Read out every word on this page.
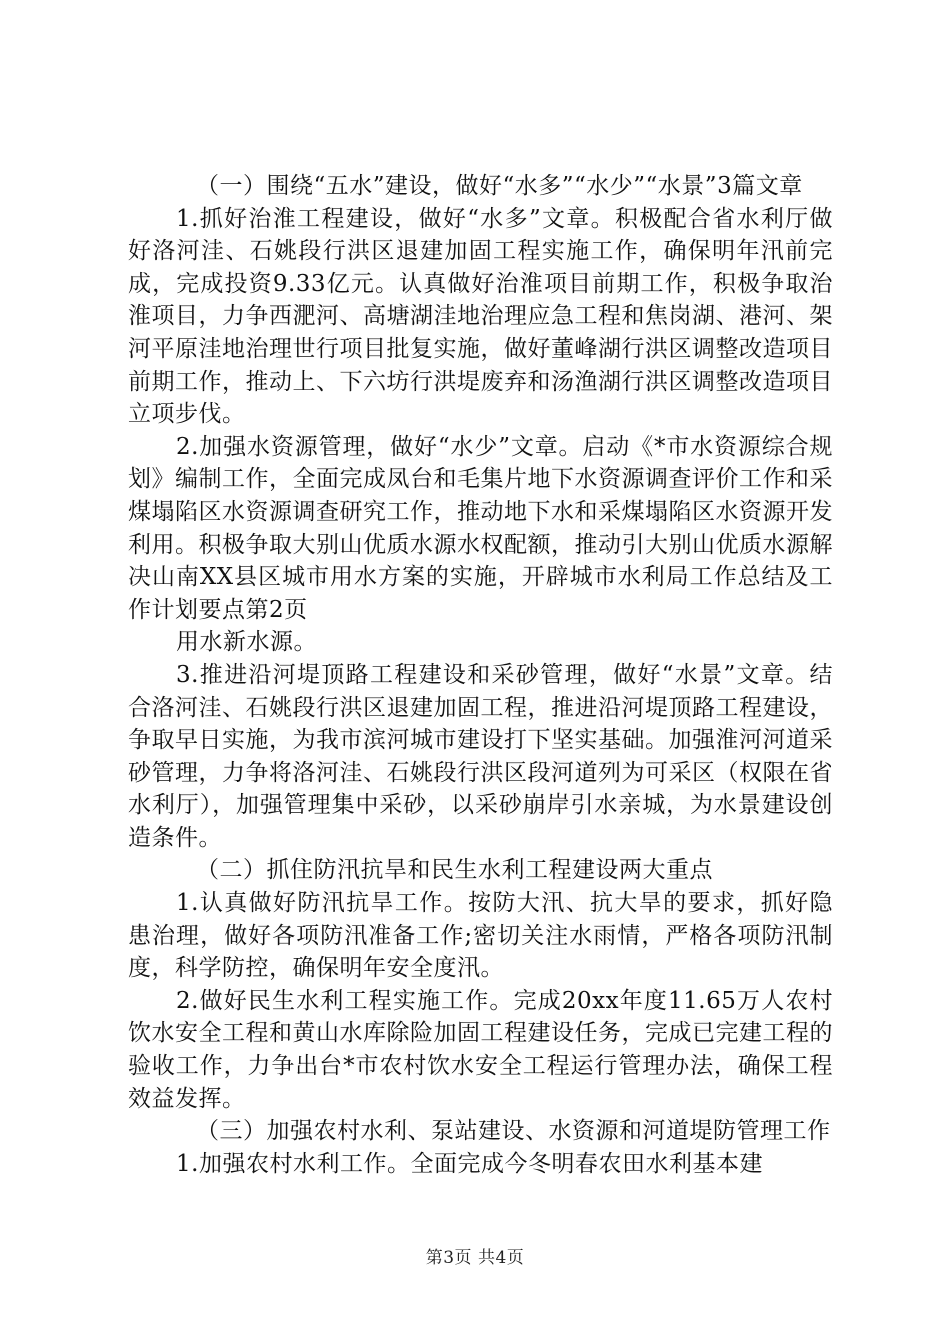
（一）围绕“五水”建设，做好“水多”“水少”“水景”3篇文章

1.抓好治淮工程建设，做好“水多”文章。积极配合省水利厅做好洛河洼、石姚段行洪区退建加固工程实施工作，确保明年汛前完成，完成投资9.33亿元。认真做好治淮项目前期工作，积极争取治淮项目，力争西淝河、高塘湖洼地治理应急工程和焦岗湖、港河、架河平原洼地治理世行项目批复实施，做好董峰湖行洪区调整改造项目前期工作，推动上、下六坊行洪堤废弃和汤渔湖行洪区调整改造项目立项步伐。

2.加强水资源管理，做好“水少”文章。启动《*市水资源综合规划》编制工作，全面完成凤台和毛集片地下水资源调查评价工作和采煤塌陷区水资源调查研究工作，推动地下水和采煤塌陷区水资源开发利用。积极争取大别山优质水源水权配额，推动引大别山优质水源解决山南XX县区城市用水方案的实施，开辟城市水利局工作总结及工作计划要点第2页

用水新水源。

3.推进沿河堤顶路工程建设和采砂管理，做好“水景”文章。结合洛河洼、石姚段行洪区退建加固工程，推进沿河堤顶路工程建设，争取早日实施，为我市滨河城市建设打下坚实基础。加强淮河河道采砂管理，力争将洛河洼、石姚段行洪区段河道列为可采区（权限在省水利厅），加强管理集中采砂，以采砂崩岸引水亲城，为水景建设创造条件。

（二）抓住防汛抗旱和民生水利工程建设两大重点

1.认真做好防汛抗旱工作。按防大汛、抗大旱的要求，抓好隐患治理，做好各项防汛准备工作;密切关注水雨情，严格各项防汛制度，科学防控，确保明年安全度汛。

2.做好民生水利工程实施工作。完成20xx年度11.65万人农村饮水安全工程和黄山水库除险加固工程建设任务，完成已完建工程的验收工作，力争出台*市农村饮水安全工程运行管理办法，确保工程效益发挥。

（三）加强农村水利、泵站建设、水资源和河道堤防管理工作

1.加强农村水利工作。全面完成今冬明春农田水利基本建

第3页 共4页
